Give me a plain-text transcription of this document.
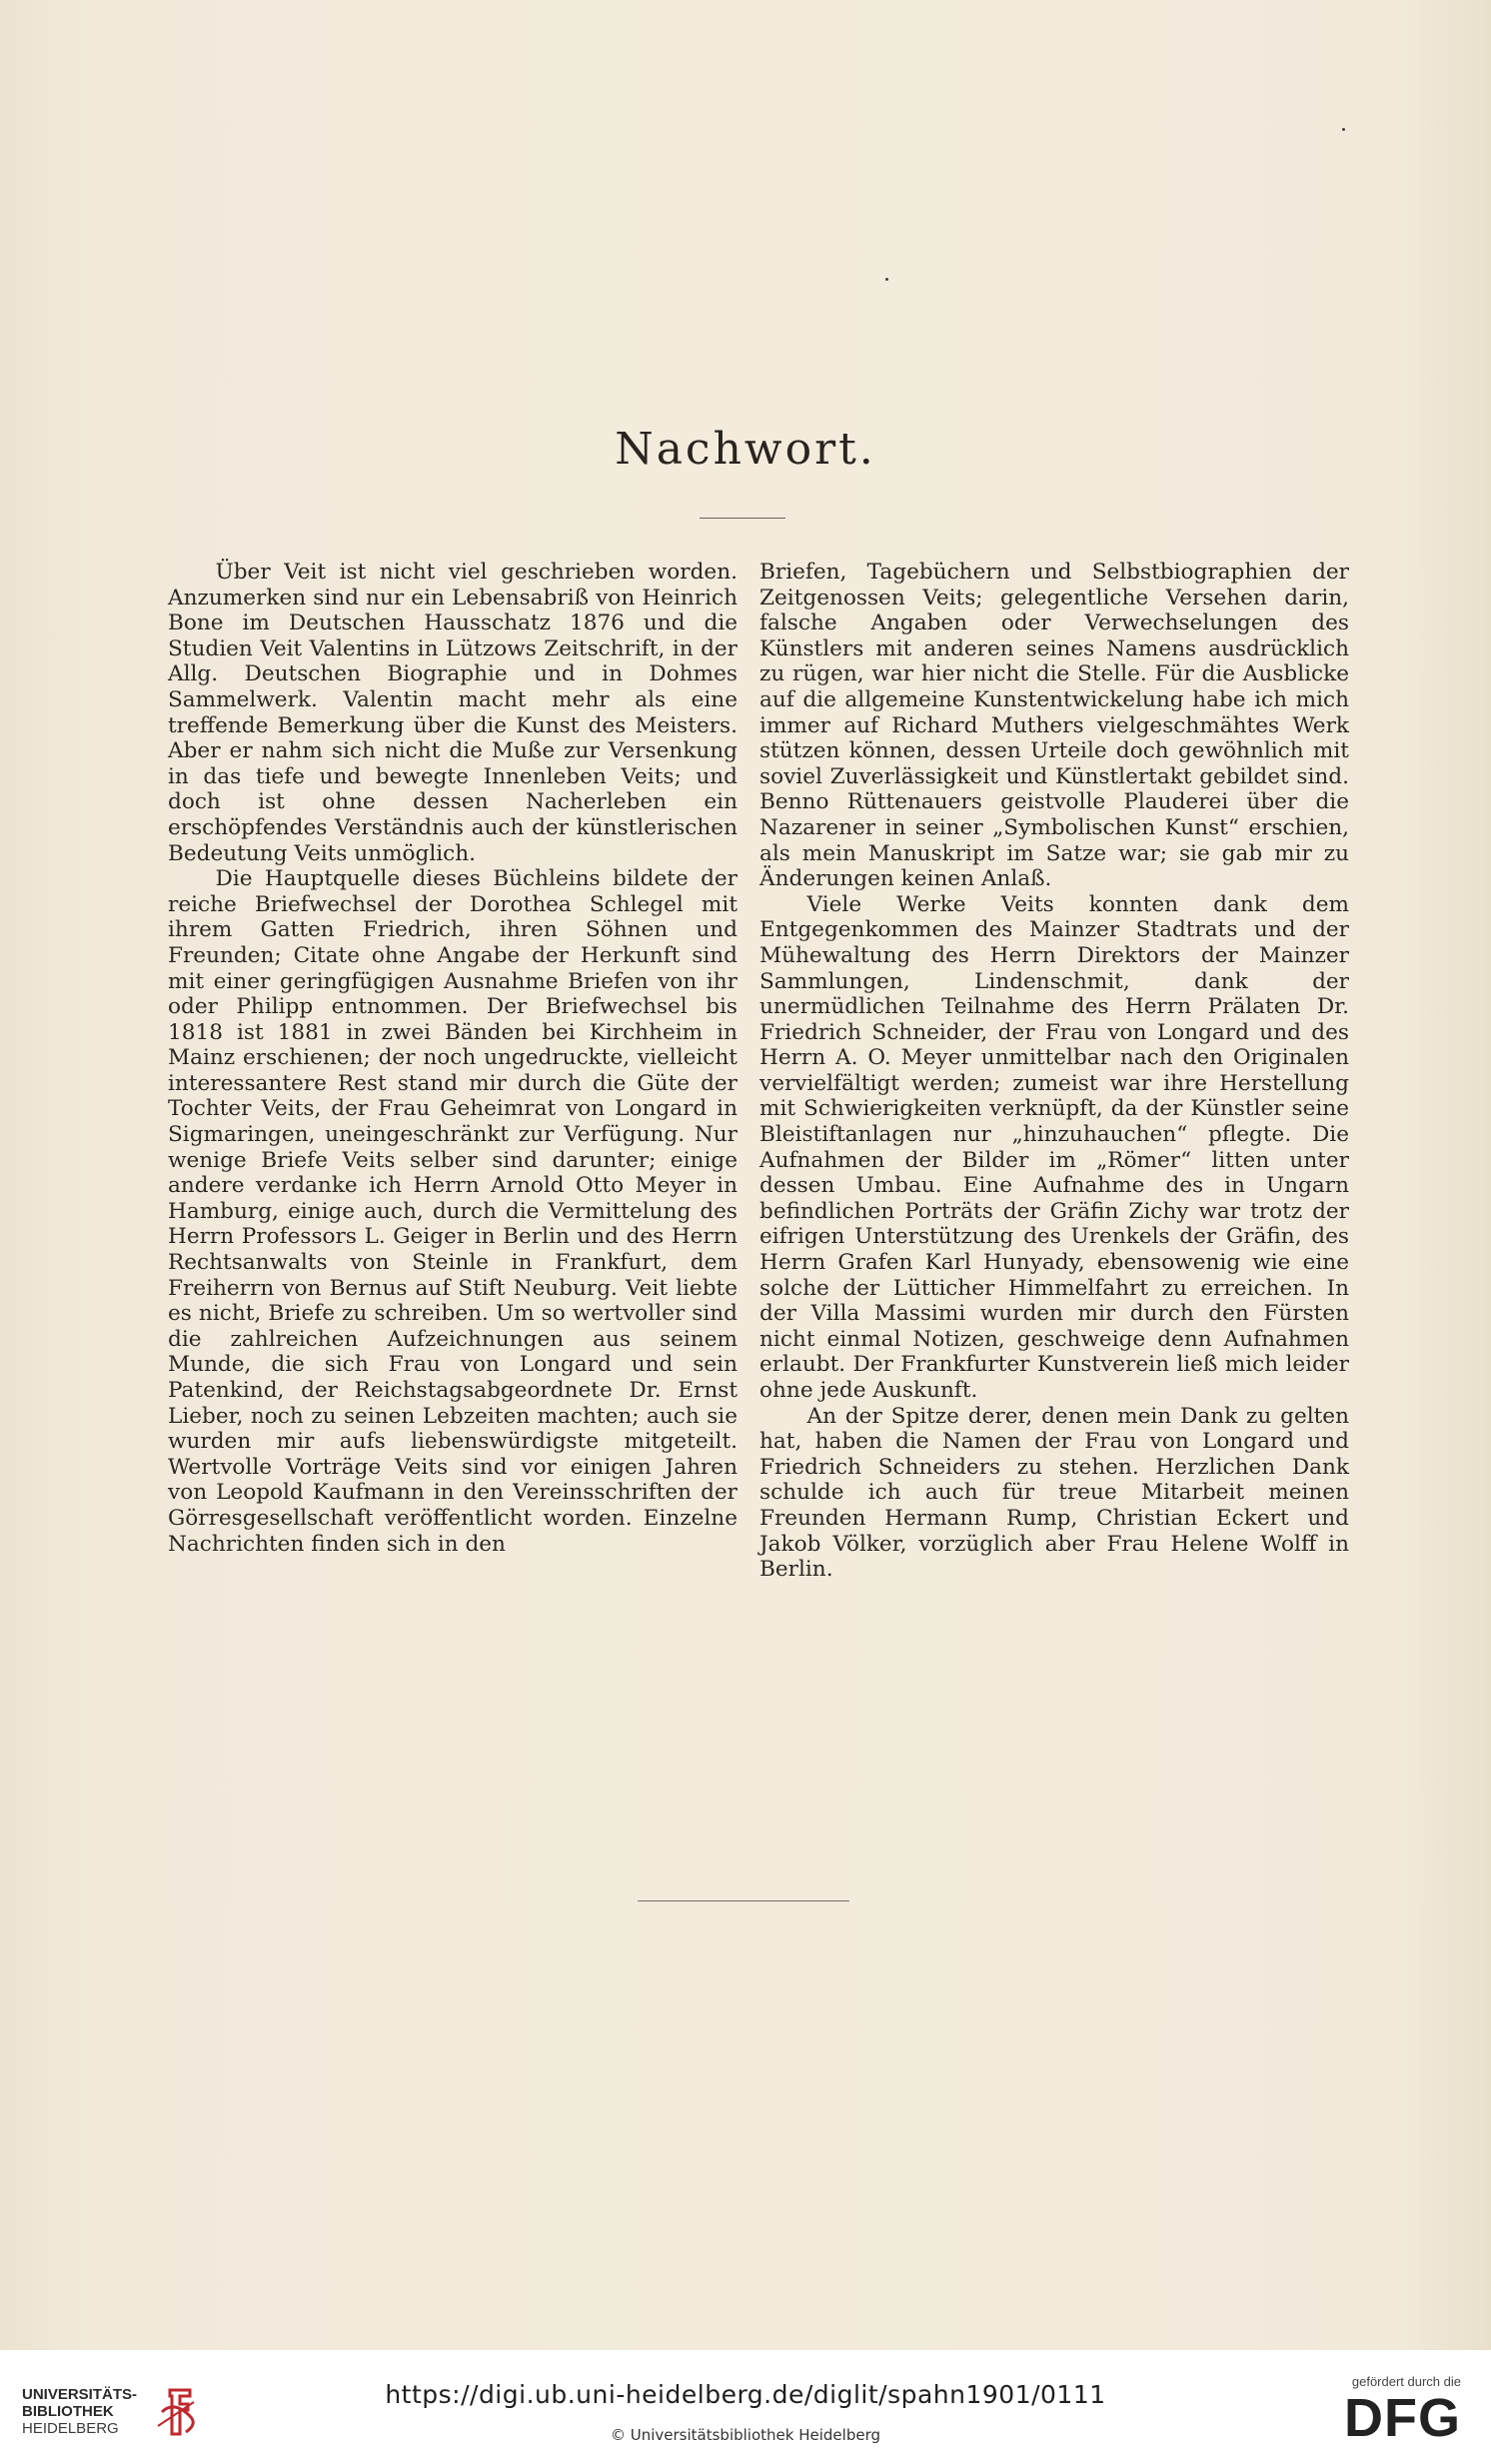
Nachwort.

Über Veit ist nicht viel geschrieben worden. Anzumerken sind nur ein Lebensabriß von Heinrich Bone im Deutschen Hausschatz 1876 und die Studien Veit Valentins in Lützows Zeitschrift, in der Allg. Deutschen Biographie und in Dohmes Sammelwerk. Valentin macht mehr als eine treffende Bemerkung über die Kunst des Meisters. Aber er nahm sich nicht die Muße zur Versenkung in das tiefe und bewegte Innenleben Veits; und doch ist ohne dessen Nacherleben ein erschöpfendes Verständnis auch der künstlerischen Bedeutung Veits unmöglich.

Die Hauptquelle dieses Büchleins bildete der reiche Briefwechsel der Dorothea Schlegel mit ihrem Gatten Friedrich, ihren Söhnen und Freunden; Citate ohne Angabe der Herkunft sind mit einer geringfügigen Ausnahme Briefen von ihr oder Philipp entnommen. Der Briefwechsel bis 1818 ist 1881 in zwei Bänden bei Kirchheim in Mainz erschienen; der noch ungedruckte, vielleicht interessantere Rest stand mir durch die Güte der Tochter Veits, der Frau Geheimrat von Longard in Sigmaringen, uneingeschränkt zur Verfügung. Nur wenige Briefe Veits selber sind darunter; einige andere verdanke ich Herrn Arnold Otto Meyer in Hamburg, einige auch, durch die Vermittelung des Herrn Professors L. Geiger in Berlin und des Herrn Rechtsanwalts von Steinle in Frankfurt, dem Freiherrn von Bernus auf Stift Neuburg. Veit liebte es nicht, Briefe zu schreiben. Um so wertvoller sind die zahlreichen Aufzeichnungen aus seinem Munde, die sich Frau von Longard und sein Patenkind, der Reichstagsabgeordnete Dr. Ernst Lieber, noch zu seinen Lebzeiten machten; auch sie wurden mir aufs liebenswürdigste mitgeteilt. Wertvolle Vorträge Veits sind vor einigen Jahren von Leopold Kaufmann in den Vereinsschriften der Görresgesellschaft veröffentlicht worden. Einzelne Nachrichten finden sich in den

Briefen, Tagebüchern und Selbstbiographien der Zeitgenossen Veits; gelegentliche Versehen darin, falsche Angaben oder Verwechselungen des Künstlers mit anderen seines Namens ausdrücklich zu rügen, war hier nicht die Stelle. Für die Ausblicke auf die allgemeine Kunstentwickelung habe ich mich immer auf Richard Muthers vielgeschmähtes Werk stützen können, dessen Urteile doch gewöhnlich mit soviel Zuverlässigkeit und Künstlertakt gebildet sind. Benno Rüttenauers geistvolle Plauderei über die Nazarener in seiner „Symbolischen Kunst“ erschien, als mein Manuskript im Satze war; sie gab mir zu Änderungen keinen Anlaß.

Viele Werke Veits konnten dank dem Entgegenkommen des Mainzer Stadtrats und der Mühewaltung des Herrn Direktors der Mainzer Sammlungen, Lindenschmit, dank der unermüdlichen Teilnahme des Herrn Prälaten Dr. Friedrich Schneider, der Frau von Longard und des Herrn A. O. Meyer unmittelbar nach den Originalen vervielfältigt werden; zumeist war ihre Herstellung mit Schwierigkeiten verknüpft, da der Künstler seine Bleistiftanlagen nur „hinzuhauchen“ pflegte. Die Aufnahmen der Bilder im „Römer“ litten unter dessen Umbau. Eine Aufnahme des in Ungarn befindlichen Porträts der Gräfin Zichy war trotz der eifrigen Unterstützung des Urenkels der Gräfin, des Herrn Grafen Karl Hunyady, ebensowenig wie eine solche der Lütticher Himmelfahrt zu erreichen. In der Villa Massimi wurden mir durch den Fürsten nicht einmal Notizen, geschweige denn Aufnahmen erlaubt. Der Frankfurter Kunstverein ließ mich leider ohne jede Auskunft.

An der Spitze derer, denen mein Dank zu gelten hat, haben die Namen der Frau von Longard und Friedrich Schneiders zu stehen. Herzlichen Dank schulde ich auch für treue Mitarbeit meinen Freunden Hermann Rump, Christian Eckert und Jakob Völker, vorzüglich aber Frau Helene Wolff in Berlin.

UNIVERSITÄTS-
BIBLIOTHEK
HEIDELBERG
https://digi.ub.uni-heidelberg.de/diglit/spahn1901/0111
© Universitätsbibliothek Heidelberg
gefördert durch die
DFG
